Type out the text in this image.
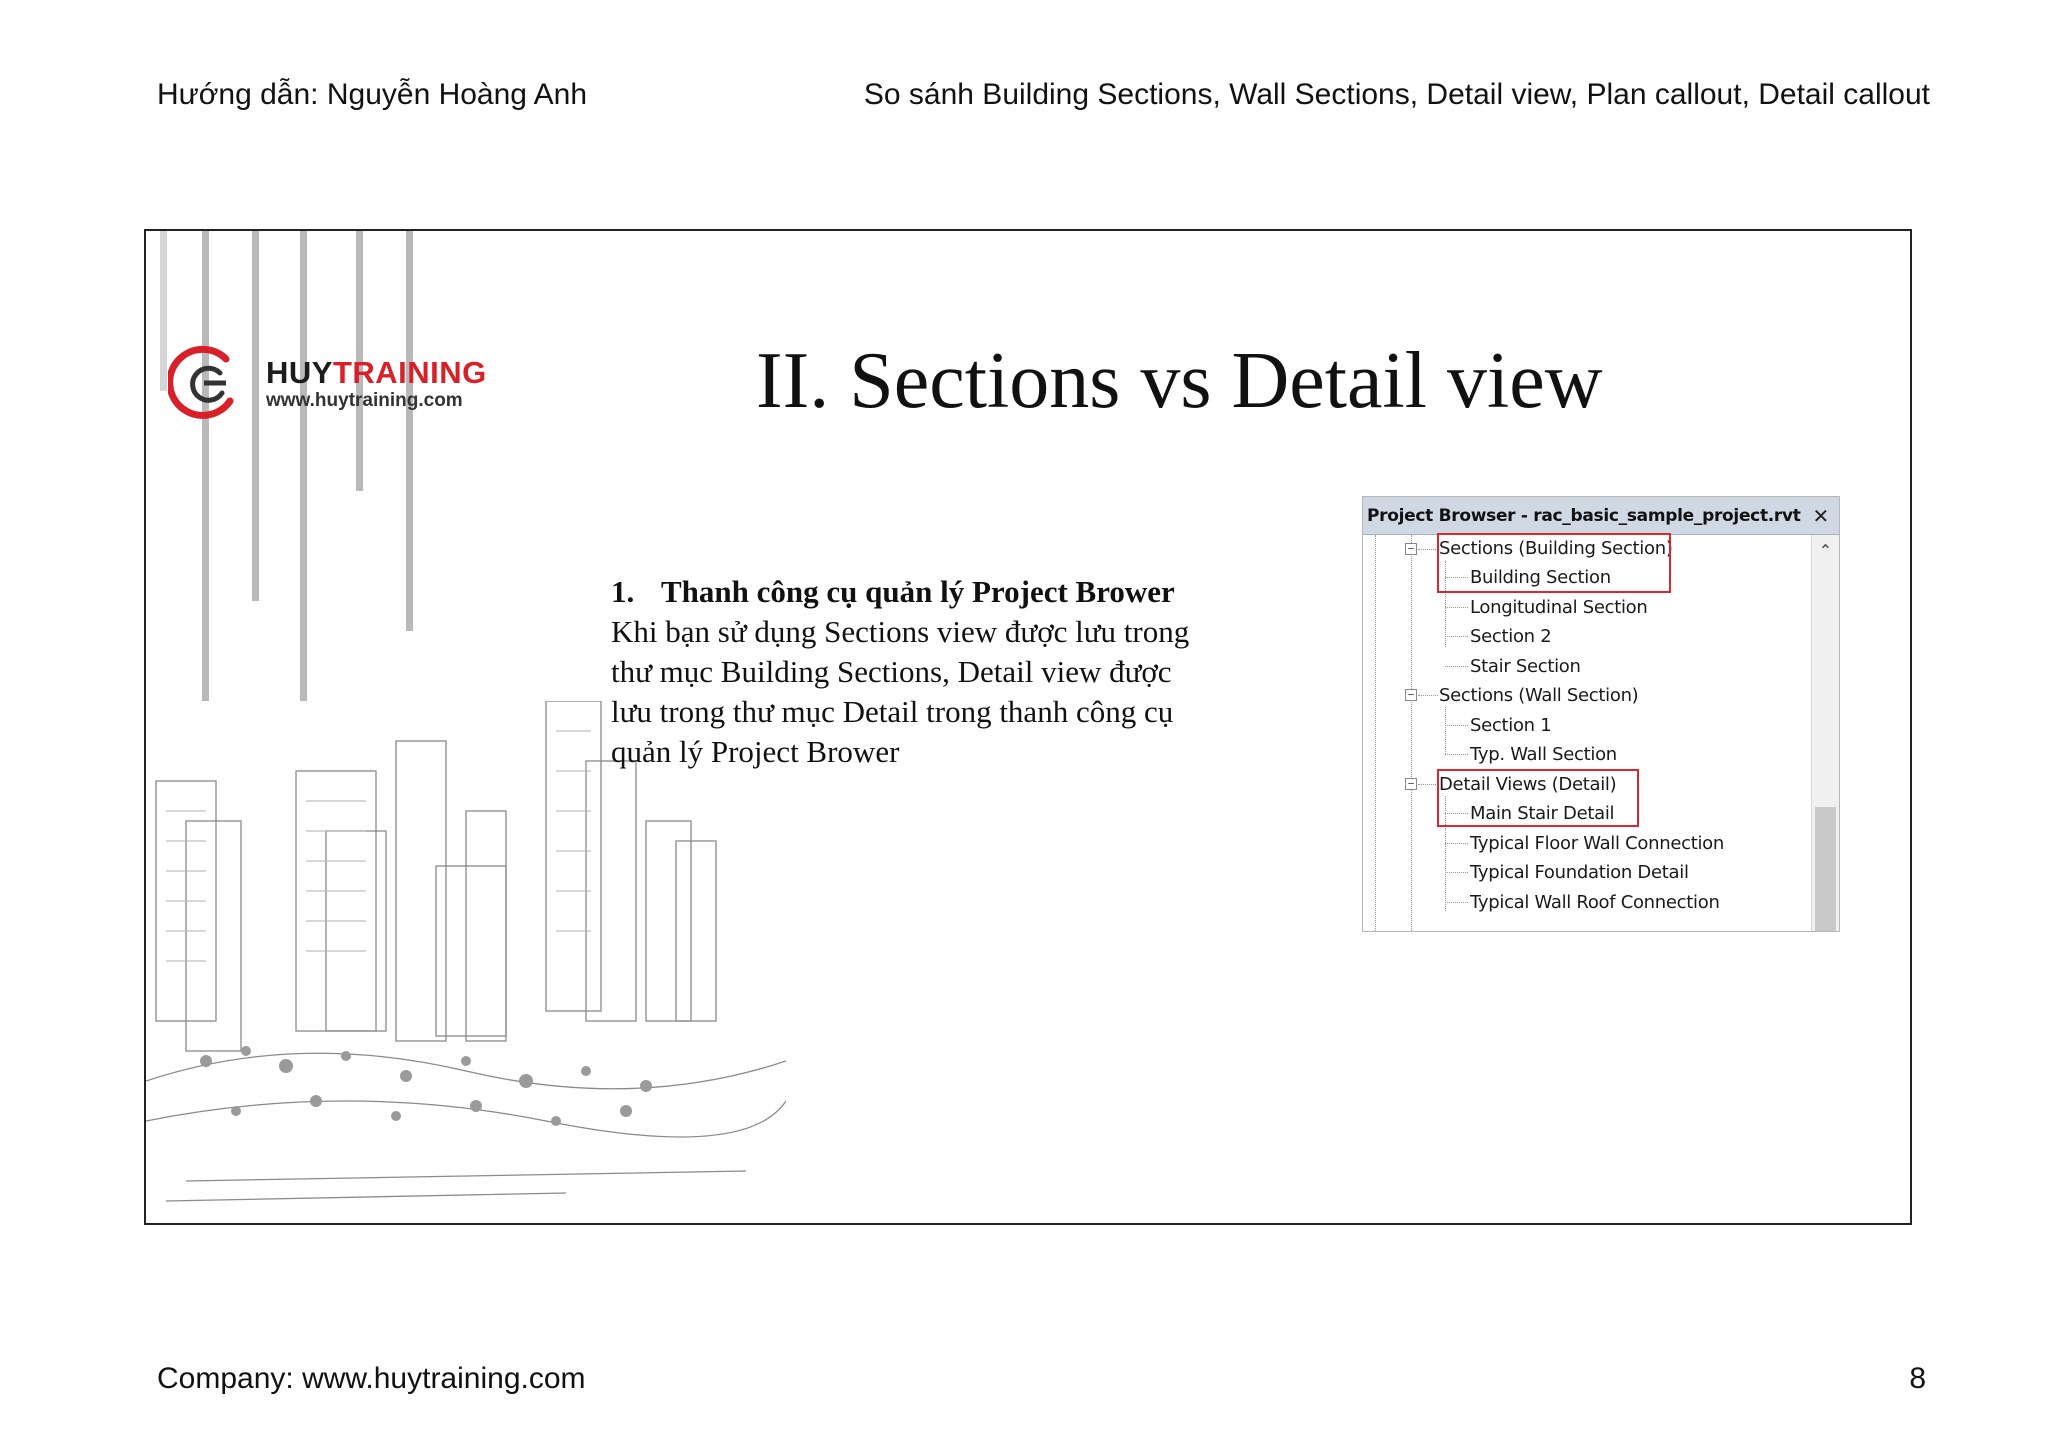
Hướng dẫn: Nguyễn Hoàng Anh	So sánh Building Sections, Wall Sections, Detail view, Plan callout, Detail callout
HUYTRAINING
www.huytraining.com	II. Sections vs Detail view
1. Thanh công cụ quản lý Project Brower
Khi bạn sử dụng Sections view được lưu trong
thư mục Building Sections, Detail view được
lưu trong thư mục Detail trong thanh công cụ
quản lý Project Brower
Project Browser - rac_basic_sample_project.rvt ✕
− Sections (Building Section)
Building Section
Longitudinal Section
Section 2
Stair Section
− Sections (Wall Section)
Section 1
Typ. Wall Section
− Detail Views (Detail)
Main Stair Detail
Typical Floor Wall Connection
Typical Foundation Detail
Typical Wall Roof Connection
⌃
Company: www.huytraining.com	8
